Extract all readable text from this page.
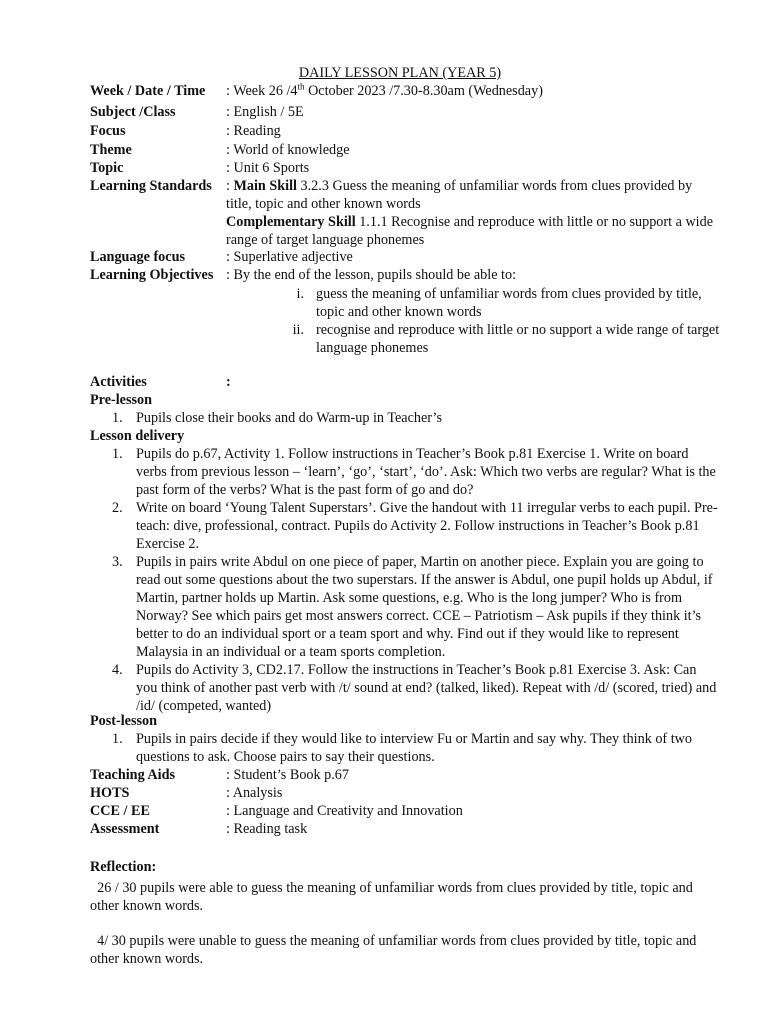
DAILY LESSON PLAN (YEAR 5)
Week / Date / Time : Week 26 /4th October 2023 /7.30-8.30am (Wednesday)
Subject /Class	: English / 5E
Focus	: Reading
Theme	: World of knowledge
Topic	: Unit 6 Sports
Learning Standards : Main Skill 3.2.3 Guess the meaning of unfamiliar words from clues provided by title, topic and other known words
Complementary Skill 1.1.1 Recognise and reproduce with little or no support a wide range of target language phonemes
Language focus	: Superlative adjective
Learning Objectives : By the end of the lesson, pupils should be able to:
i. guess the meaning of unfamiliar words from clues provided by title, topic and other known words
ii. recognise and reproduce with little or no support a wide range of target language phonemes
Activities	:
Pre-lesson
1. Pupils close their books and do Warm-up in Teacher’s
Lesson delivery
1. Pupils do p.67, Activity 1. Follow instructions in Teacher’s Book p.81 Exercise 1. Write on board verbs from previous lesson – ‘learn’, ‘go’, ‘start’, ‘do’. Ask: Which two verbs are regular? What is the past form of the verbs? What is the past form of go and do?
2. Write on board ‘Young Talent Superstars’. Give the handout with 11 irregular verbs to each pupil. Pre-teach: dive, professional, contract. Pupils do Activity 2. Follow instructions in Teacher’s Book p.81 Exercise 2.
3. Pupils in pairs write Abdul on one piece of paper, Martin on another piece. Explain you are going to read out some questions about the two superstars. If the answer is Abdul, one pupil holds up Abdul, if Martin, partner holds up Martin. Ask some questions, e.g. Who is the long jumper? Who is from Norway? See which pairs get most answers correct. CCE – Patriotism – Ask pupils if they think it’s better to do an individual sport or a team sport and why. Find out if they would like to represent Malaysia in an individual or a team sports completion.
4. Pupils do Activity 3, CD2.17. Follow the instructions in Teacher’s Book p.81 Exercise 3. Ask: Can you think of another past verb with /t/ sound at end? (talked, liked). Repeat with /d/ (scored, tried) and /id/ (competed, wanted)
Post-lesson
1. Pupils in pairs decide if they would like to interview Fu or Martin and say why. They think of two questions to ask. Choose pairs to say their questions.
Teaching Aids	: Student’s Book p.67
HOTS	: Analysis
CCE / EE	: Language and Creativity and Innovation
Assessment	: Reading task
Reflection:
26 / 30 pupils were able to guess the meaning of unfamiliar words from clues provided by title, topic and other known words.
4/ 30 pupils were unable to guess the meaning of unfamiliar words from clues provided by title, topic and other known words.
